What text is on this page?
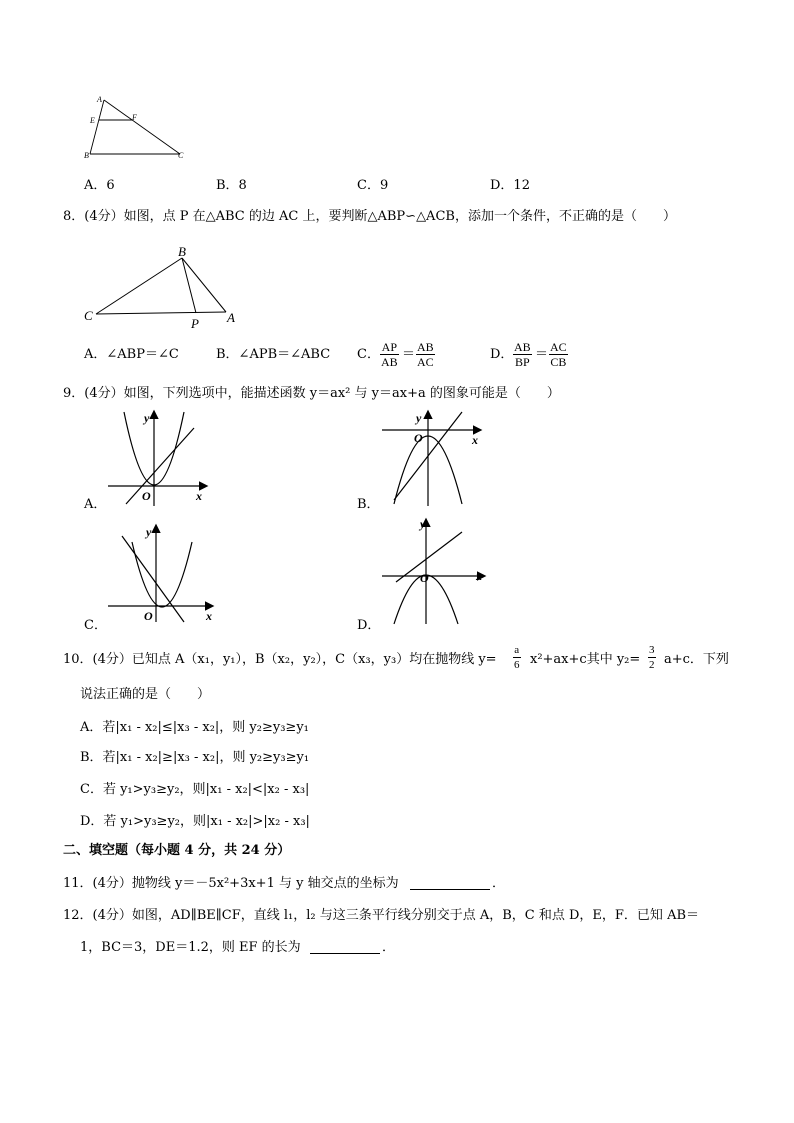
A
E	F
B	C
A．6	B．8	C．9	D．12
8．(4分）如图，点 P 在△ABC 的边 AC 上，要判断△ABP∽△ACB，添加一个条件，不正确的是（　　）
B
C
P A
A．∠ABP＝∠C	B．∠APB＝∠ABC C． $\frac{AP}{AB} = \frac{AB}{AC}$	D． $\frac{AB}{BP} = \frac{AC}{CB}$
9．(4分）如图，下列选项中，能描述函数 y＝ax² 与 y＝ax+a 的图象可能是（　　）
O	x
y
A．
O	x
y
B．
O	x
y
C．
O	x
y
D．
10．(4分）已知点 A（x₁，y₁），B（x₂，y₂），C（x₃，y₃）均在抛物线 $y= \frac{a}{6} x^2+ax+c$其中 $y_2= \frac{3}{2} a+c$．下列
说法正确的是（　　）
A．若|x₁ - x₂|≤|x₃ - x₂|，则 y₂≥y₃≥y₁
B．若|x₁ - x₂|≥|x₃ - x₂|，则 y₂≥y₃≥y₁
C．若 y₁>y₃≥y₂，则|x₁ - x₂|<|x₂ - x₃|
D．若 y₁>y₃≥y₂，则|x₁ - x₂|>|x₂ - x₃|
二、填空题（每小题 4 分，共 24 分）
11．(4分）抛物线 y＝－5x²+3x+1 与 y 轴交点的坐标为	．
12．(4分）如图，AD∥BE∥CF，直线 l₁，l₂ 与这三条平行线分别交于点 A，B，C 和点 D，E，F．已知 AB＝
1，BC＝3，DE＝1.2，则 EF 的长为	．
